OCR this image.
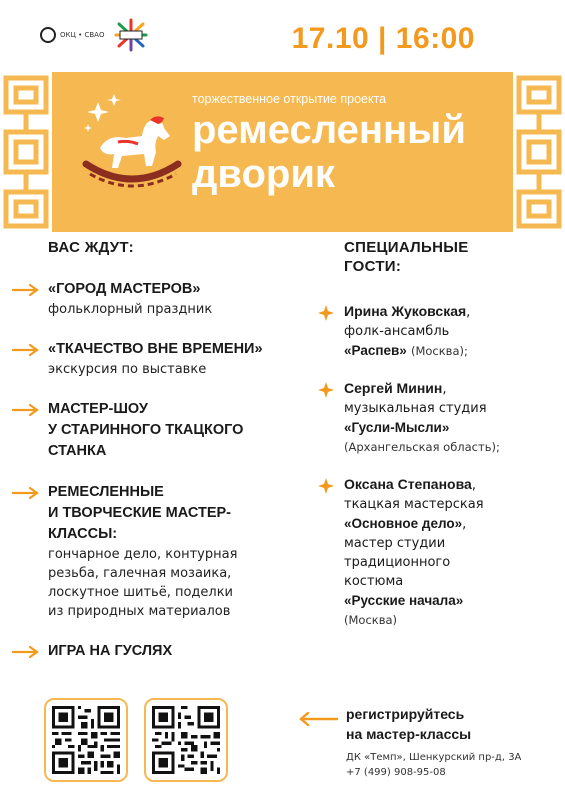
ОКЦ • СВАО	17.10 | 16:00
торжественное открытие проекта
ремесленный
дворик
ВАС ЖДУТ:
«ГОРОД МАСТЕРОВ»
фольклорный праздник
«ТКАЧЕСТВО ВНЕ ВРЕМЕНИ»
экскурсия по выставке
МАСТЕР-ШОУ
У СТАРИННОГО ТКАЦКОГО
СТАНКА
РЕМЕСЛЕННЫЕ
И ТВОРЧЕСКИЕ МАСТЕР-
КЛАССЫ:
гончарное дело, контурная
резьба, галечная мозаика,
лоскутное шитьё, поделки
из природных материалов
ИГРА НА ГУСЛЯХ
СПЕЦИАЛЬНЫЕ
ГОСТИ:
Ирина Жуковская,
фолк-ансамбль
«Распев» (Москва);
Сергей Минин,
музыкальная студия
«Гусли-Мысли»
(Архангельская область);
Оксана Степанова,
ткацкая мастерская
«Основное дело»,
мастер студии
традиционного
костюма
«Русские начала»
(Москва)
регистрируйтесь
на мастер-классы
ДК «Темп», Шенкурский пр-д, 3А
+7 (499) 908-95-08
